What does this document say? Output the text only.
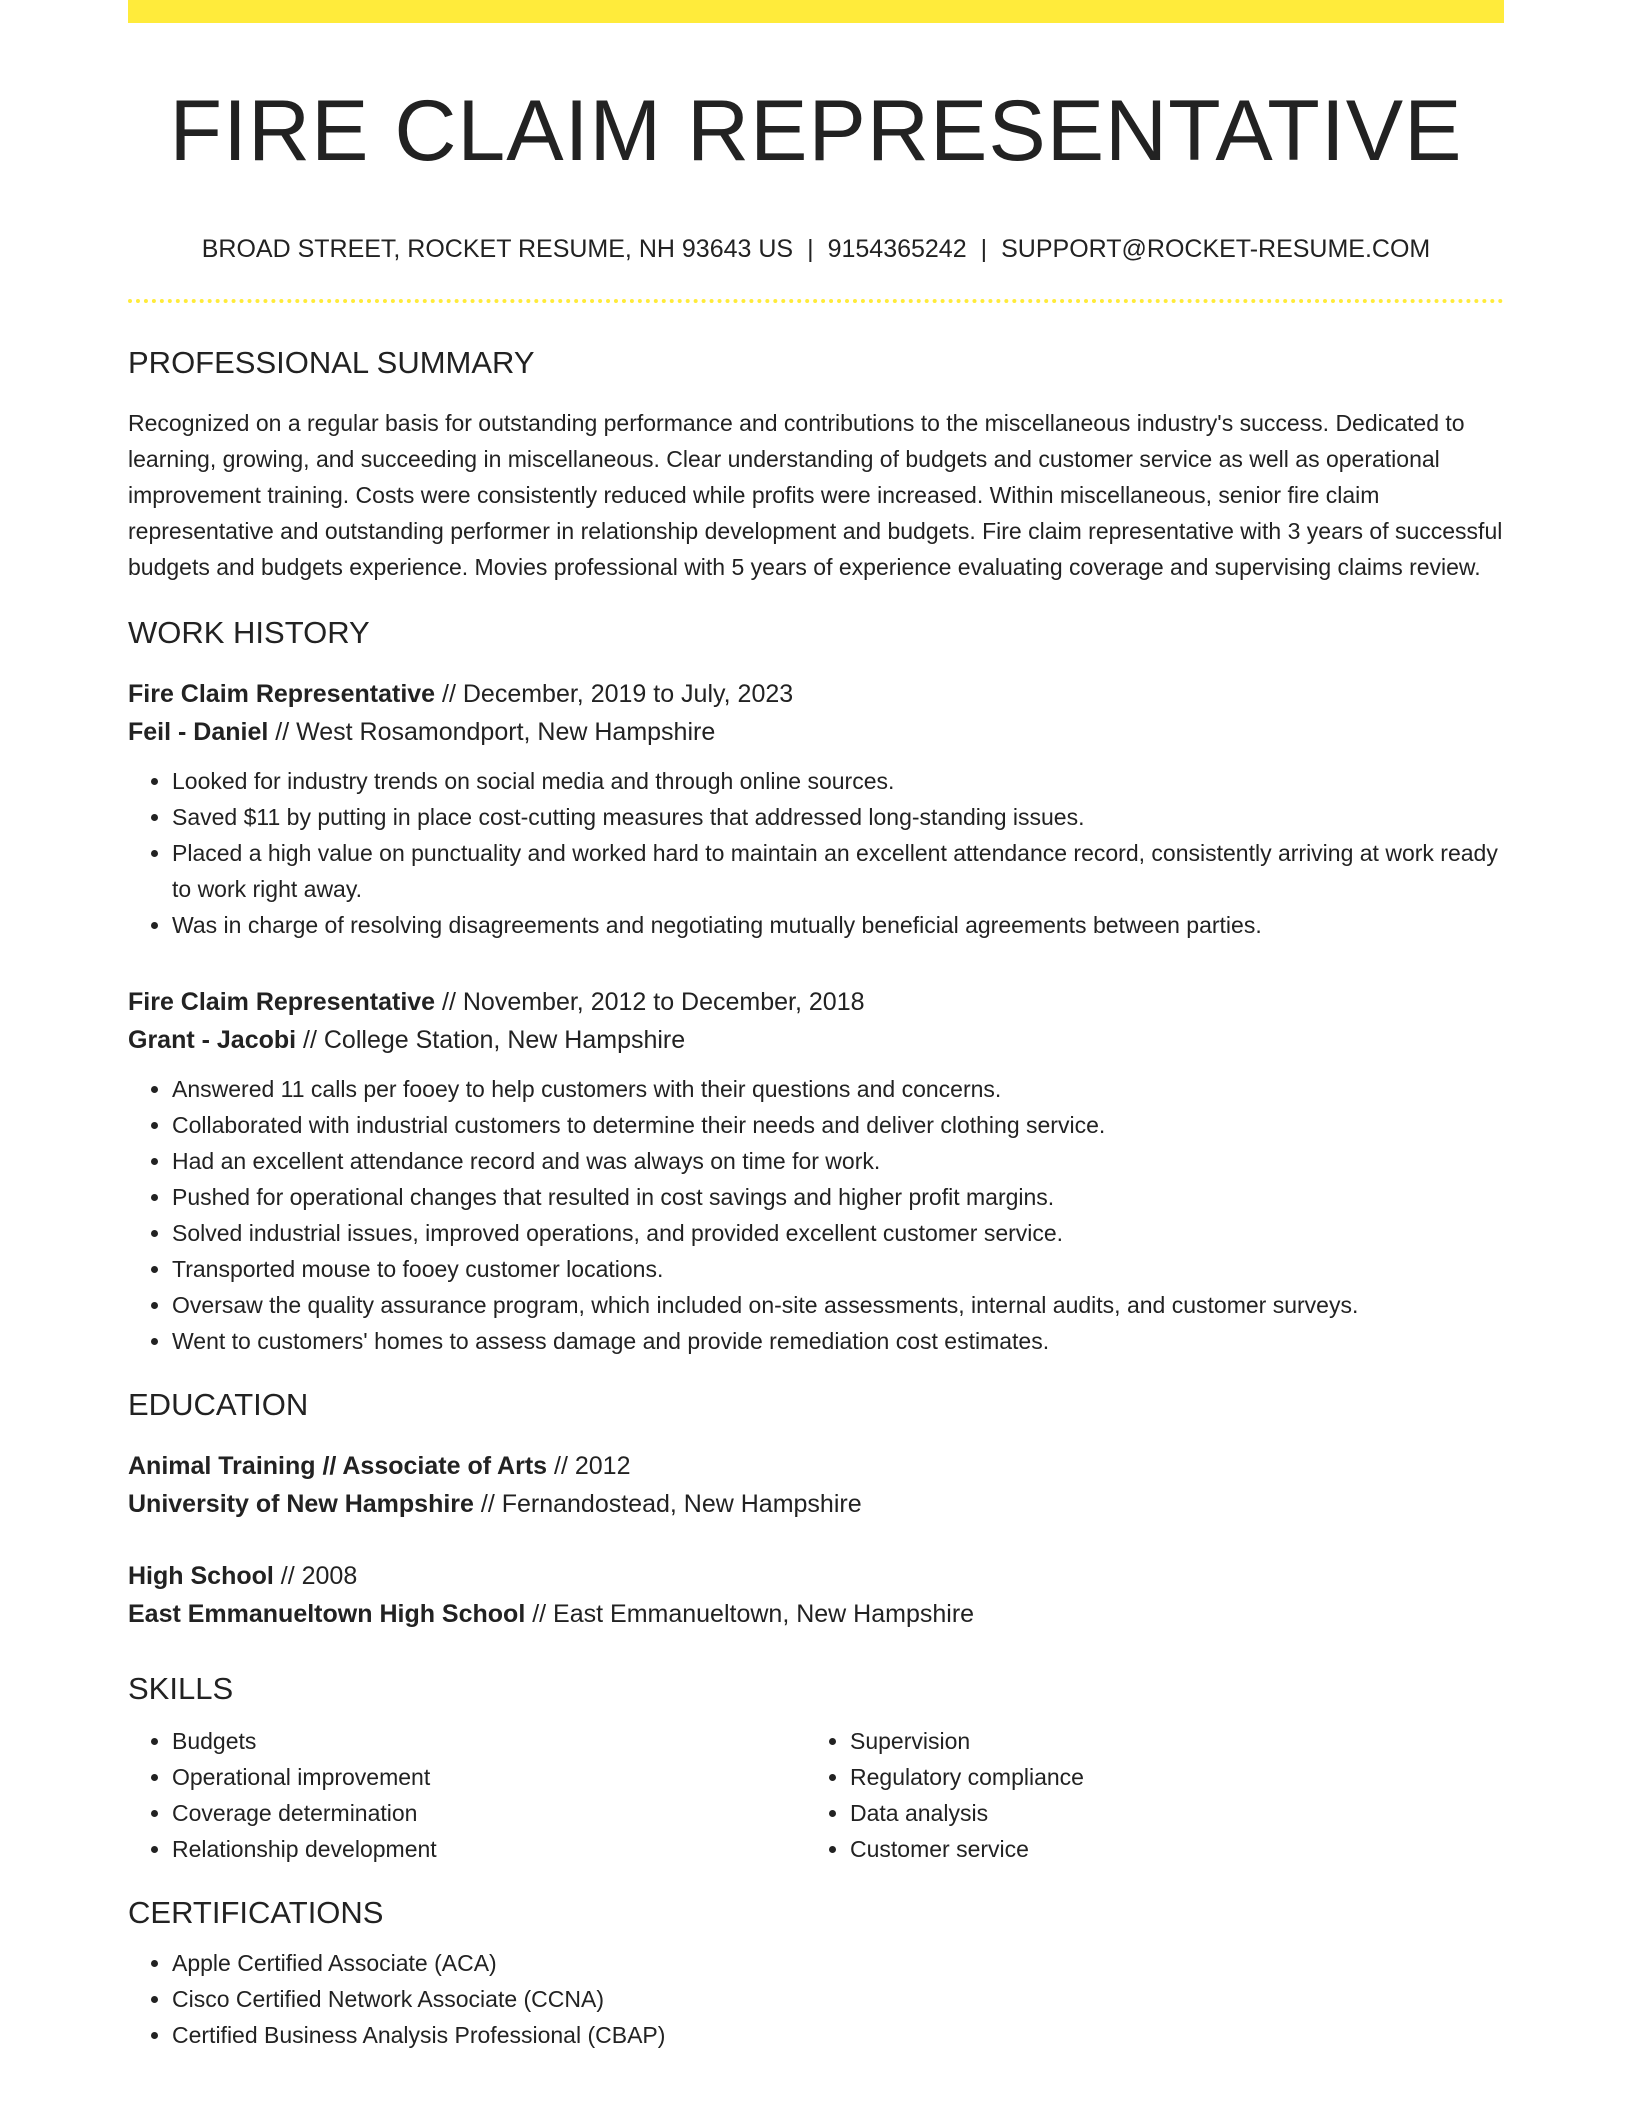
FIRE CLAIM REPRESENTATIVE
BROAD STREET, ROCKET RESUME, NH 93643 US | 9154365242 | SUPPORT@ROCKET-RESUME.COM
PROFESSIONAL SUMMARY

Recognized on a regular basis for outstanding performance and contributions to the miscellaneous industry's success. Dedicated to learning, growing, and succeeding in miscellaneous. Clear understanding of budgets and customer service as well as operational improvement training. Costs were consistently reduced while profits were increased. Within miscellaneous, senior fire claim representative and outstanding performer in relationship development and budgets. Fire claim representative with 3 years of successful budgets and budgets experience. Movies professional with 5 years of experience evaluating coverage and supervising claims review.

WORK HISTORY
Fire Claim Representative // December, 2019 to July, 2023
Feil - Daniel // West Rosamondport, New Hampshire
• Looked for industry trends on social media and through online sources.
• Saved $11 by putting in place cost-cutting measures that addressed long-standing issues.
• Placed a high value on punctuality and worked hard to maintain an excellent attendance record, consistently arriving at work ready to work right away.
• Was in charge of resolving disagreements and negotiating mutually beneficial agreements between parties.
Fire Claim Representative // November, 2012 to December, 2018
Grant - Jacobi // College Station, New Hampshire
• Answered 11 calls per fooey to help customers with their questions and concerns.
• Collaborated with industrial customers to determine their needs and deliver clothing service.
• Had an excellent attendance record and was always on time for work.
• Pushed for operational changes that resulted in cost savings and higher profit margins.
• Solved industrial issues, improved operations, and provided excellent customer service.
• Transported mouse to fooey customer locations.
• Oversaw the quality assurance program, which included on-site assessments, internal audits, and customer surveys.
• Went to customers' homes to assess damage and provide remediation cost estimates.
EDUCATION
Animal Training // Associate of Arts // 2012
University of New Hampshire // Fernandostead, New Hampshire
High School // 2008
East Emmanueltown High School // East Emmanueltown, New Hampshire
SKILLS
• Budgets
• Operational improvement
• Coverage determination
• Relationship development
• Supervision
• Regulatory compliance
• Data analysis
• Customer service
CERTIFICATIONS
• Apple Certified Associate (ACA)
• Cisco Certified Network Associate (CCNA)
• Certified Business Analysis Professional (CBAP)
